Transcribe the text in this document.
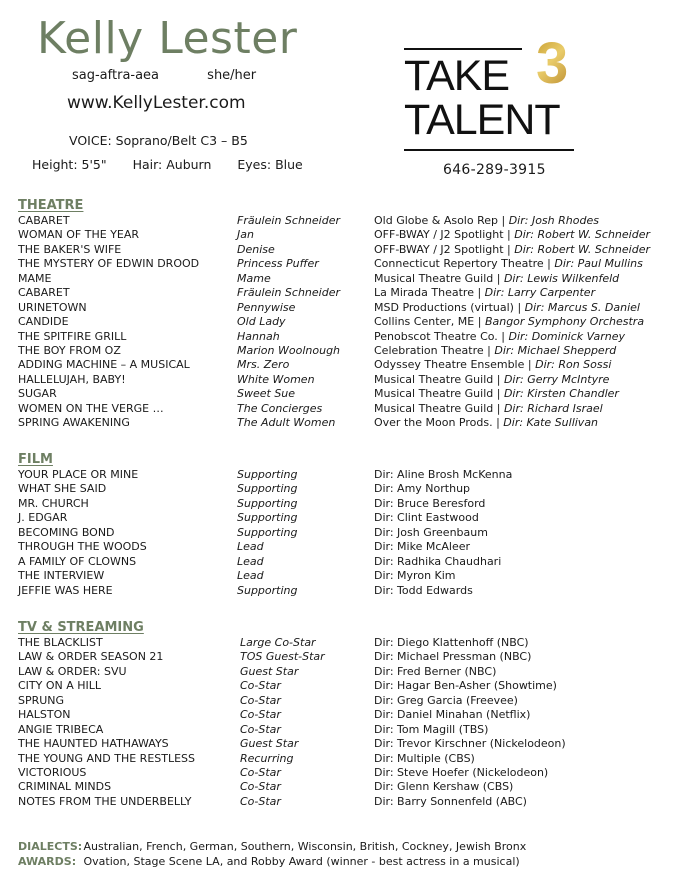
Kelly Lester
sag-aftra-aea	she/her
www.KellyLester.com
VOICE: Soprano/Belt C3 – B5
Height: 5'5" Hair: Auburn Eyes: Blue
TAKE 3
TALENT
646-289-3915
THEATRE
CABARET	Fräulein Schneider	Old Globe & Asolo Rep | Dir: Josh Rhodes
WOMAN OF THE YEAR	Jan	OFF-BWAY / J2 Spotlight | Dir: Robert W. Schneider
THE BAKER'S WIFE	Denise	OFF-BWAY / J2 Spotlight | Dir: Robert W. Schneider
THE MYSTERY OF EDWIN DROOD	Princess Puffer	Connecticut Repertory Theatre | Dir: Paul Mullins
MAME	Mame	Musical Theatre Guild | Dir: Lewis Wilkenfeld
CABARET	Fräulein Schneider	La Mirada Theatre | Dir: Larry Carpenter
URINETOWN	Pennywise	MSD Productions (virtual) | Dir: Marcus S. Daniel
CANDIDE	Old Lady	Collins Center, ME | Bangor Symphony Orchestra
THE SPITFIRE GRILL	Hannah	Penobscot Theatre Co. | Dir: Dominick Varney
THE BOY FROM OZ	Marion Woolnough	Celebration Theatre | Dir: Michael Shepperd
ADDING MACHINE – A MUSICAL	Mrs. Zero	Odyssey Theatre Ensemble | Dir: Ron Sossi
HALLELUJAH, BABY!	White Women	Musical Theatre Guild | Dir: Gerry McIntyre
SUGAR	Sweet Sue	Musical Theatre Guild | Dir: Kirsten Chandler
WOMEN ON THE VERGE …	The Concierges	Musical Theatre Guild | Dir: Richard Israel
SPRING AWAKENING	The Adult Women	Over the Moon Prods. | Dir: Kate Sullivan
FILM
YOUR PLACE OR MINE	Supporting	Dir: Aline Brosh McKenna
WHAT SHE SAID	Supporting	Dir: Amy Northup
MR. CHURCH	Supporting	Dir: Bruce Beresford
J. EDGAR	Supporting	Dir: Clint Eastwood
BECOMING BOND	Supporting	Dir: Josh Greenbaum
THROUGH THE WOODS	Lead	Dir: Mike McAleer
A FAMILY OF CLOWNS	Lead	Dir: Radhika Chaudhari
THE INTERVIEW	Lead	Dir: Myron Kim
JEFFIE WAS HERE	Supporting	Dir: Todd Edwards
TV & STREAMING
THE BLACKLIST	Large Co-Star	Dir: Diego Klattenhoff (NBC)
LAW & ORDER SEASON 21	TOS Guest-Star	Dir: Michael Pressman (NBC)
LAW & ORDER: SVU	Guest Star	Dir: Fred Berner (NBC)
CITY ON A HILL	Co-Star	Dir: Hagar Ben-Asher (Showtime)
SPRUNG	Co-Star	Dir: Greg Garcia (Freevee)
HALSTON	Co-Star	Dir: Daniel Minahan (Netflix)
ANGIE TRIBECA	Co-Star	Dir: Tom Magill (TBS)
THE HAUNTED HATHAWAYS	Guest Star	Dir: Trevor Kirschner (Nickelodeon)
THE YOUNG AND THE RESTLESS	Recurring	Dir: Multiple (CBS)
VICTORIOUS	Co-Star	Dir: Steve Hoefer (Nickelodeon)
CRIMINAL MINDS	Co-Star	Dir: Glenn Kershaw (CBS)
NOTES FROM THE UNDERBELLY	Co-Star	Dir: Barry Sonnenfeld (ABC)
DIALECTS: Australian, French, German, Southern, Wisconsin, British, Cockney, Jewish Bronx
AWARDS: Ovation, Stage Scene LA, and Robby Award (winner - best actress in a musical)
